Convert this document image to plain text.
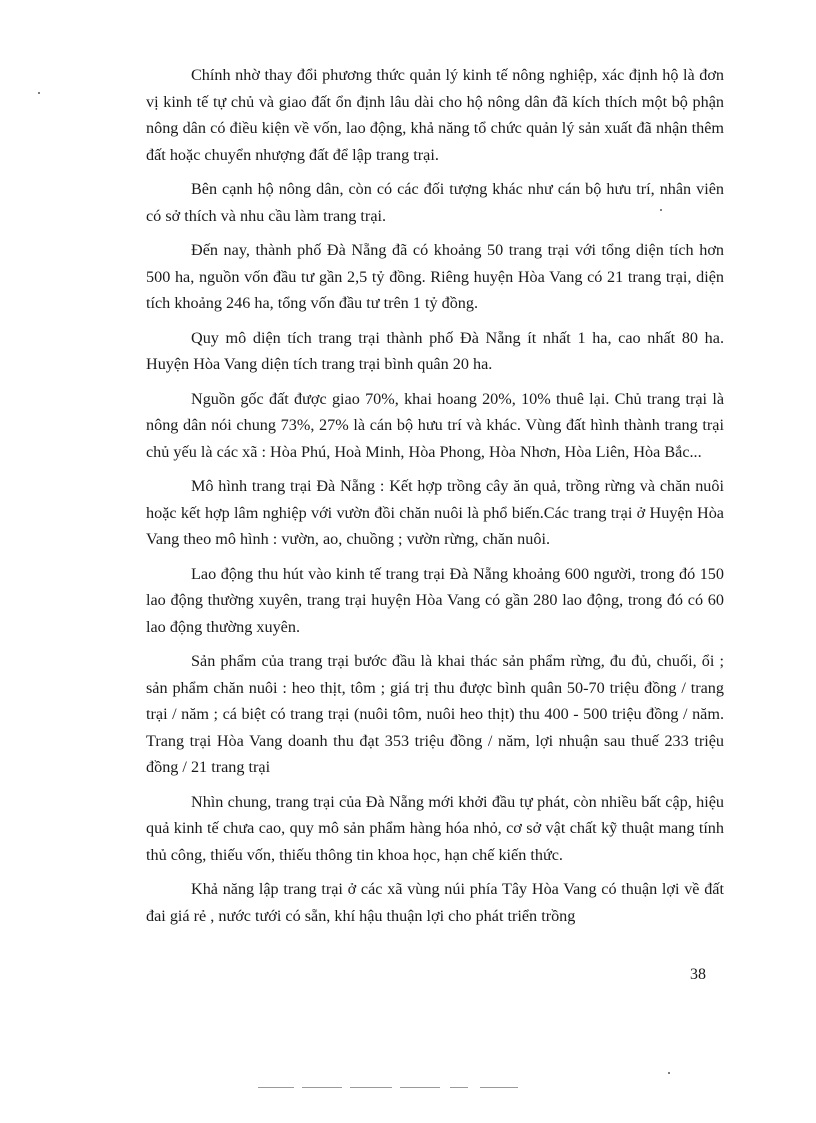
Chính nhờ thay đổi phương thức quản lý kinh tế nông nghiệp, xác định hộ là đơn vị kinh tế tự chủ và giao đất ổn định lâu dài cho hộ nông dân đã kích thích một bộ phận nông dân có điều kiện về vốn, lao động, khả năng tổ chức quản lý sản xuất đã nhận thêm đất hoặc chuyển nhượng đất để lập trang trại.

Bên cạnh hộ nông dân, còn có các đối tượng khác như cán bộ hưu trí, nhân viên có sở thích và nhu cầu làm trang trại.

Đến nay, thành phố Đà Nẵng đã có khoảng 50 trang trại với tổng diện tích hơn 500 ha, nguồn vốn đầu tư gần 2,5 tỷ đồng. Riêng huyện Hòa Vang có 21 trang trại, diện tích khoảng 246 ha, tổng vốn đầu tư trên 1 tỷ đồng.

Quy mô diện tích trang trại thành phố Đà Nẵng ít nhất 1 ha, cao nhất 80 ha. Huyện Hòa Vang diện tích trang trại bình quân 20 ha.

Nguồn gốc đất được giao 70%, khai hoang 20%, 10% thuê lại. Chủ trang trại là nông dân nói chung 73%, 27% là cán bộ hưu trí và khác. Vùng đất hình thành trang trại chủ yếu là các xã : Hòa Phú, Hoà Minh, Hòa Phong, Hòa Nhơn, Hòa Liên, Hòa Bắc...

Mô hình trang trại Đà Nẵng : Kết hợp trồng cây ăn quả, trồng rừng và chăn nuôi hoặc kết hợp lâm nghiệp với vườn đồi chăn nuôi là phổ biến.Các trang trại ở Huyện Hòa Vang theo mô hình : vườn, ao, chuồng ; vườn rừng, chăn nuôi.

Lao động thu hút vào kinh tế trang trại Đà Nẵng khoảng 600 người, trong đó 150 lao động thường xuyên, trang trại huyện Hòa Vang có gần 280 lao động, trong đó có 60 lao động thường xuyên.

Sản phẩm của trang trại bước đầu là khai thác sản phẩm rừng, đu đủ, chuối, ổi ; sản phẩm chăn nuôi : heo thịt, tôm ; giá trị thu được bình quân 50-70 triệu đồng / trang trại / năm ; cá biệt có trang trại (nuôi tôm, nuôi heo thịt) thu 400 - 500 triệu đồng / năm. Trang trại Hòa Vang doanh thu đạt 353 triệu đồng / năm, lợi nhuận sau thuế 233 triệu đồng / 21 trang trại

Nhìn chung, trang trại của Đà Nẵng mới khởi đầu tự phát, còn nhiều bất cập, hiệu quả kinh tế chưa cao, quy mô sản phẩm hàng hóa nhỏ, cơ sở vật chất kỹ thuật mang tính thủ công, thiếu vốn, thiếu thông tin khoa học, hạn chế kiến thức.

Khả năng lập trang trại ở các xã vùng núi phía Tây Hòa Vang có thuận lợi về đất đai giá rẻ , nước tưới có sẵn, khí hậu thuận lợi cho phát triển trồng

38
